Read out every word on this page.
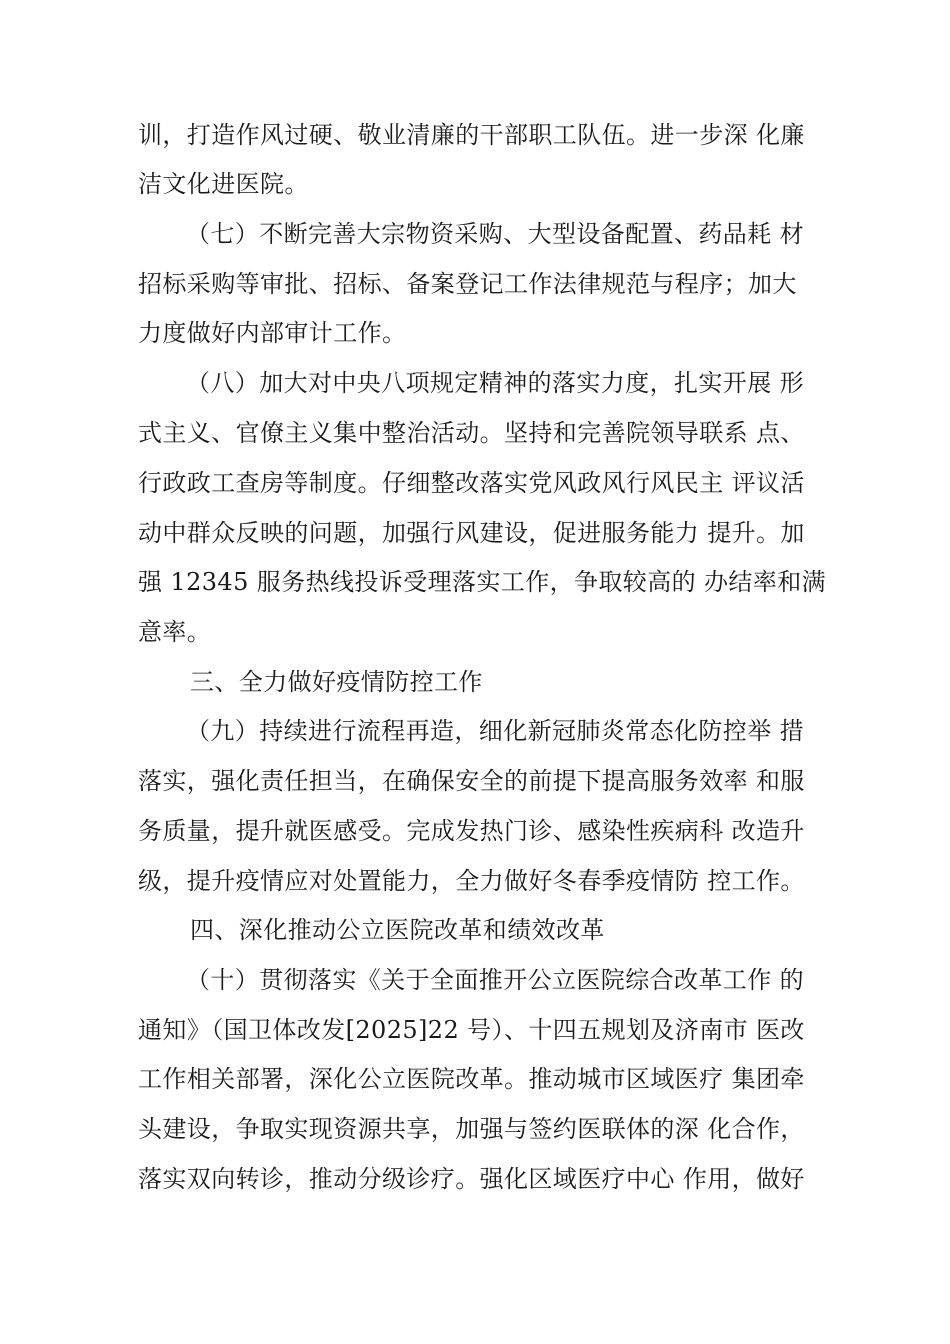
训，打造作风过硬、敬业清廉的干部职工队伍。进一步深 化廉
洁文化进医院。
（七）不断完善大宗物资采购、大型设备配置、药品耗 材
招标采购等审批、招标、备案登记工作法律规范与程序；加大
力度做好内部审计工作。
（八）加大对中央八项规定精神的落实力度，扎实开展 形
式主义、官僚主义集中整治活动。坚持和完善院领导联系 点、
行政政工查房等制度。仔细整改落实党风政风行风民主 评议活
动中群众反映的问题，加强行风建设，促进服务能力 提升。加
强 12345 服务热线投诉受理落实工作，争取较高的 办结率和满
意率。
三、全力做好疫情防控工作
（九）持续进行流程再造，细化新冠肺炎常态化防控举 措
落实，强化责任担当，在确保安全的前提下提高服务效率 和服
务质量，提升就医感受。完成发热门诊、感染性疾病科 改造升
级，提升疫情应对处置能力，全力做好冬春季疫情防 控工作。
四、深化推动公立医院改革和绩效改革
（十）贯彻落实《关于全面推开公立医院综合改革工作 的
通知》（国卫体改发[2025]22 号）、十四五规划及济南市 医改
工作相关部署，深化公立医院改革。推动城市区域医疗 集团牵
头建设，争取实现资源共享，加强与签约医联体的深 化合作，
落实双向转诊，推动分级诊疗。强化区域医疗中心 作用，做好
